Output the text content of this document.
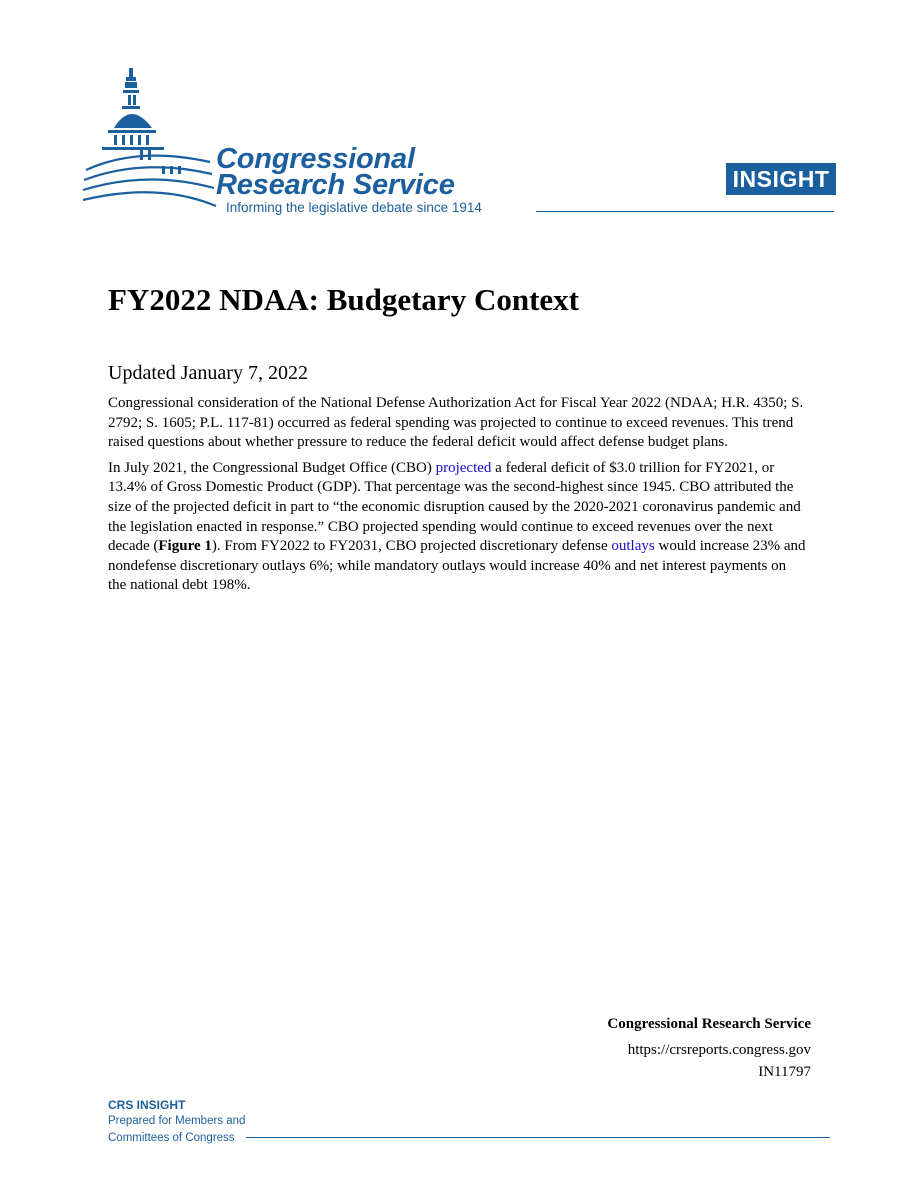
Congressional
Research Service
Informing the legislative debate since 1914
INSIGHT
FY2022 NDAA: Budgetary Context
Updated January 7, 2022

Congressional consideration of the National Defense Authorization Act for Fiscal Year 2022 (NDAA; H.R. 4350; S. 2792; S. 1605; P.L. 117-81) occurred as federal spending was projected to continue to exceed revenues. This trend raised questions about whether pressure to reduce the federal deficit would affect defense budget plans.

In July 2021, the Congressional Budget Office (CBO) projected a federal deficit of $3.0 trillion for FY2021, or 13.4% of Gross Domestic Product (GDP). That percentage was the second-highest since 1945. CBO attributed the size of the projected deficit in part to “the economic disruption caused by the 2020-2021 coronavirus pandemic and the legislation enacted in response.” CBO projected spending would continue to exceed revenues over the next decade (Figure 1). From FY2022 to FY2031, CBO projected discretionary defense outlays would increase 23% and nondefense discretionary outlays 6%; while mandatory outlays would increase 40% and net interest payments on the national debt 198%.

Congressional Research Service
https://crsreports.congress.gov
IN11797
CRS INSIGHT
Prepared for Members and
Committees of Congress
